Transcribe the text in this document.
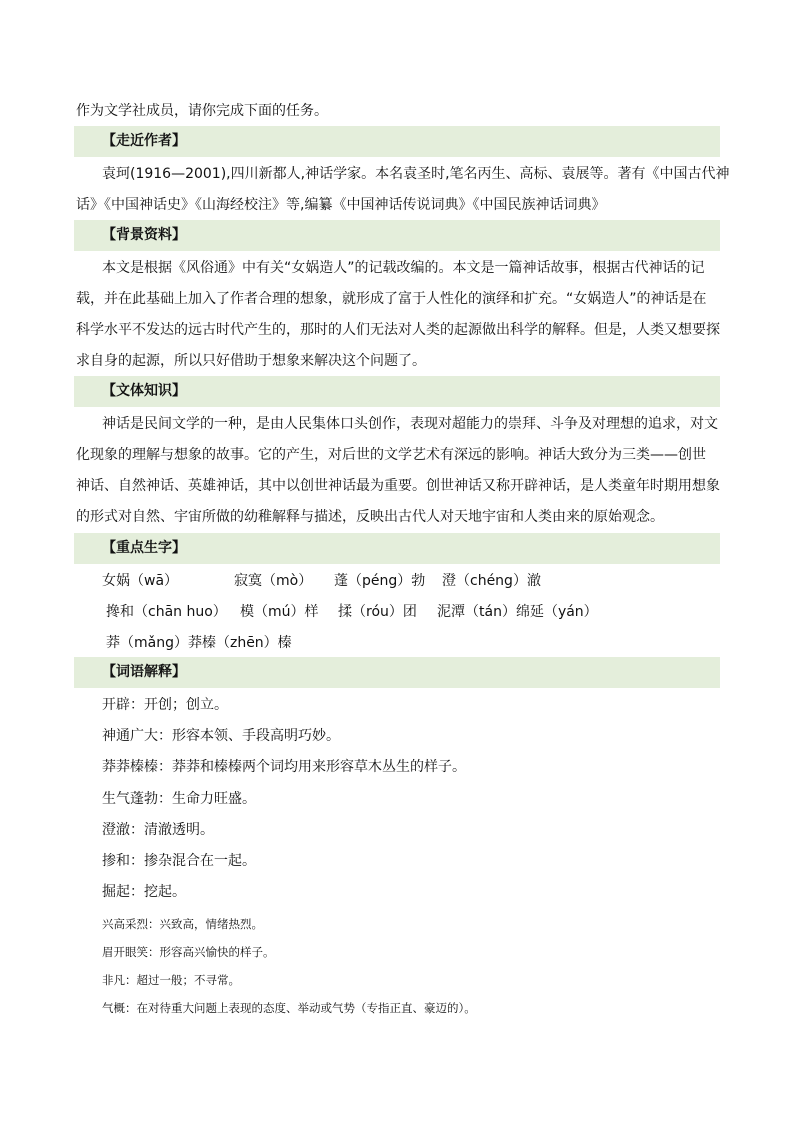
作为文学社成员，请你完成下面的任务。
【走近作者】
袁珂(1916—2001),四川新都人,神话学家。本名袁圣时,笔名丙生、高标、袁展等。著有《中国古代神
话》《中国神话史》《山海经校注》等,编纂《中国神话传说词典》《中国民族神话词典》
【背景资料】
本文是根据《风俗通》中有关“女娲造人”的记载改编的。本文是一篇神话故事，根据古代神话的记
载，并在此基础上加入了作者合理的想象，就形成了富于人性化的演绎和扩充。“女娲造人”的神话是在
科学水平不发达的远古时代产生的，那时的人们无法对人类的起源做出科学的解释。但是，人类又想要探
求自身的起源，所以只好借助于想象来解决这个问题了。
【文体知识】
神话是民间文学的一种，是由人民集体口头创作，表现对超能力的崇拜、斗争及对理想的追求，对文
化现象的理解与想象的故事。它的产生，对后世的文学艺术有深远的影响。神话大致分为三类——创世
神话、自然神话、英雄神话，其中以创世神话最为重要。创世神话又称开辟神话，是人类童年时期用想象
的形式对自然、宇宙所做的幼稚解释与描述，反映出古代人对天地宇宙和人类由来的原始观念。
【重点生字】
女娲（wā）	寂寞（mò） 蓬（péng）勃 澄（chéng）澈
搀和（chān huo） 模（mú）样 揉（róu）团 泥潭（tán）绵延（yán）
莽（mǎng）莽榛（zhēn）榛
【词语解释】
开辟：开创；创立。
神通广大：形容本领、手段高明巧妙。
莽莽榛榛：莽莽和榛榛两个词均用来形容草木丛生的样子。
生气蓬勃：生命力旺盛。
澄澈：清澈透明。
掺和：掺杂混合在一起。
掘起：挖起。
兴高采烈：兴致高，情绪热烈。
眉开眼笑：形容高兴愉快的样子。
非凡：超过一般；不寻常。
气概：在对待重大问题上表现的态度、举动或气势（专指正直、豪迈的）。
